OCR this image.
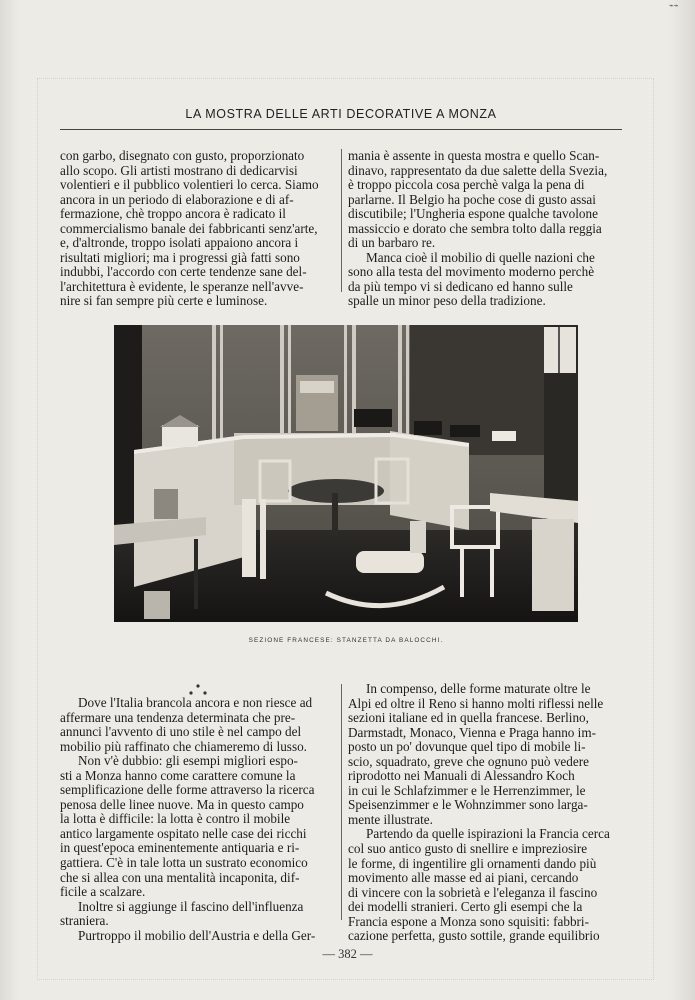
⌁⌁
LA MOSTRA DELLE ARTI DECORATIVE A MONZA

con garbo, disegnato con gusto, proporzionato

allo scopo. Gli artisti mostrano di dedicarvisi

volentieri e il pubblico volentieri lo cerca. Siamo

ancora in un periodo di elaborazione e di af-

fermazione, chè troppo ancora è radicato il

commercialismo banale dei fabbricanti senz'arte,

e, d'altronde, troppo isolati appaiono ancora i

risultati migliori; ma i progressi già fatti sono

indubbi, l'accordo con certe tendenze sane del-

l'architettura è evidente, le speranze nell'avve-

nire si fan sempre più certe e luminose.

mania è assente in questa mostra e quello Scan-

dinavo, rappresentato da due salette della Svezia,

è troppo piccola cosa perchè valga la pena di

parlarne. Il Belgio ha poche cose di gusto assai

discutibile; l'Ungheria espone qualche tavolone

massiccio e dorato che sembra tolto dalla reggia

di un barbaro re.

Manca cioè il mobilio di quelle nazioni che

sono alla testa del movimento moderno perchè

da più tempo vi si dedicano ed hanno sulle

spalle un minor peso della tradizione.

SEZIONE FRANCESE: STANZETTA DA BALOCCHI.

Dove l'Italia brancola ancora e non riesce ad

affermare una tendenza determinata che pre-

annunci l'avvento di uno stile è nel campo del

mobilio più raffinato che chiameremo di lusso.

Non v'è dubbio: gli esempi migliori espo-

sti a Monza hanno come carattere comune la

semplificazione delle forme attraverso la ricerca

penosa delle linee nuove. Ma in questo campo

la lotta è difficile: la lotta è contro il mobile

antico largamente ospitato nelle case dei ricchi

in quest'epoca eminentemente antiquaria e ri-

gattiera. C'è in tale lotta un sustrato economico

che si allea con una mentalità incaponita, dif-

ficile a scalzare.

Inoltre si aggiunge il fascino dell'influenza

straniera.

Purtroppo il mobilio dell'Austria e della Ger-

In compenso, delle forme maturate oltre le

Alpi ed oltre il Reno si hanno molti riflessi nelle

sezioni italiane ed in quella francese. Berlino,

Darmstadt, Monaco, Vienna e Praga hanno im-

posto un po' dovunque quel tipo di mobile li-

scio, squadrato, greve che ognuno può vedere

riprodotto nei Manuali di Alessandro Koch

in cui le Schlafzimmer e le Herrenzimmer, le

Speisenzimmer e le Wohnzimmer sono larga-

mente illustrate.

Partendo da quelle ispirazioni la Francia cerca

col suo antico gusto di snellire e impreziosire

le forme, di ingentilire gli ornamenti dando più

movimento alle masse ed ai piani, cercando

di vincere con la sobrietà e l'eleganza il fascino

dei modelli stranieri. Certo gli esempi che la

Francia espone a Monza sono squisiti: fabbri-

cazione perfetta, gusto sottile, grande equilibrio

— 382 —
